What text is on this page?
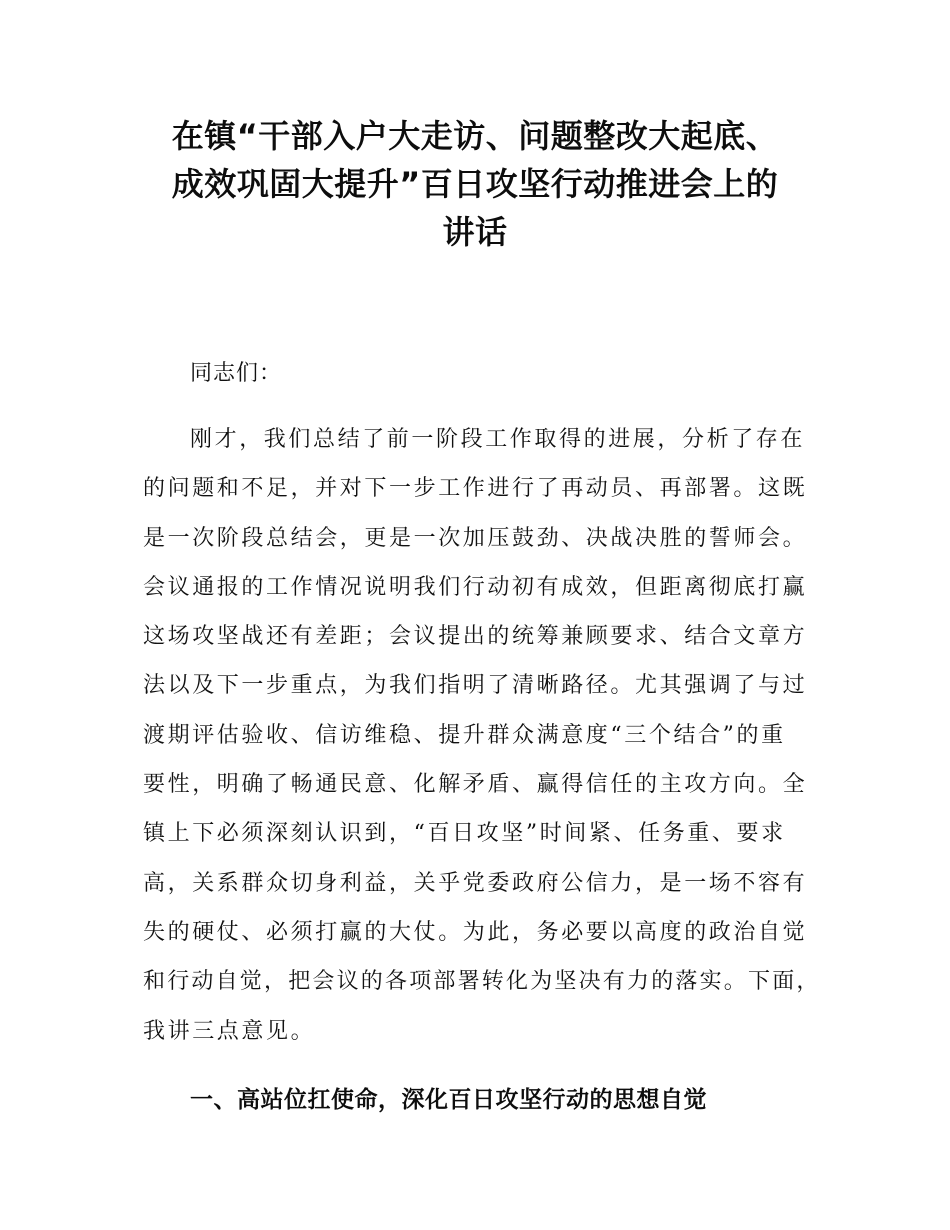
在镇“干部入户大走访、问题整改大起底、
成效巩固大提升”百日攻坚行动推进会上的
讲话
同志们：
刚才，我们总结了前一阶段工作取得的进展，分析了存在
的问题和不足，并对下一步工作进行了再动员、再部署。这既
是一次阶段总结会，更是一次加压鼓劲、决战决胜的誓师会。
会议通报的工作情况说明我们行动初有成效，但距离彻底打赢
这场攻坚战还有差距；会议提出的统筹兼顾要求、结合文章方
法以及下一步重点，为我们指明了清晰路径。尤其强调了与过
渡期评估验收、信访维稳、提升群众满意度“三个结合”的重
要性，明确了畅通民意、化解矛盾、赢得信任的主攻方向。全
镇上下必须深刻认识到，“百日攻坚”时间紧、任务重、要求
高，关系群众切身利益，关乎党委政府公信力，是一场不容有
失的硬仗、必须打赢的大仗。为此，务必要以高度的政治自觉
和行动自觉，把会议的各项部署转化为坚决有力的落实。下面，
我讲三点意见。
一、高站位扛使命，深化百日攻坚行动的思想自觉
